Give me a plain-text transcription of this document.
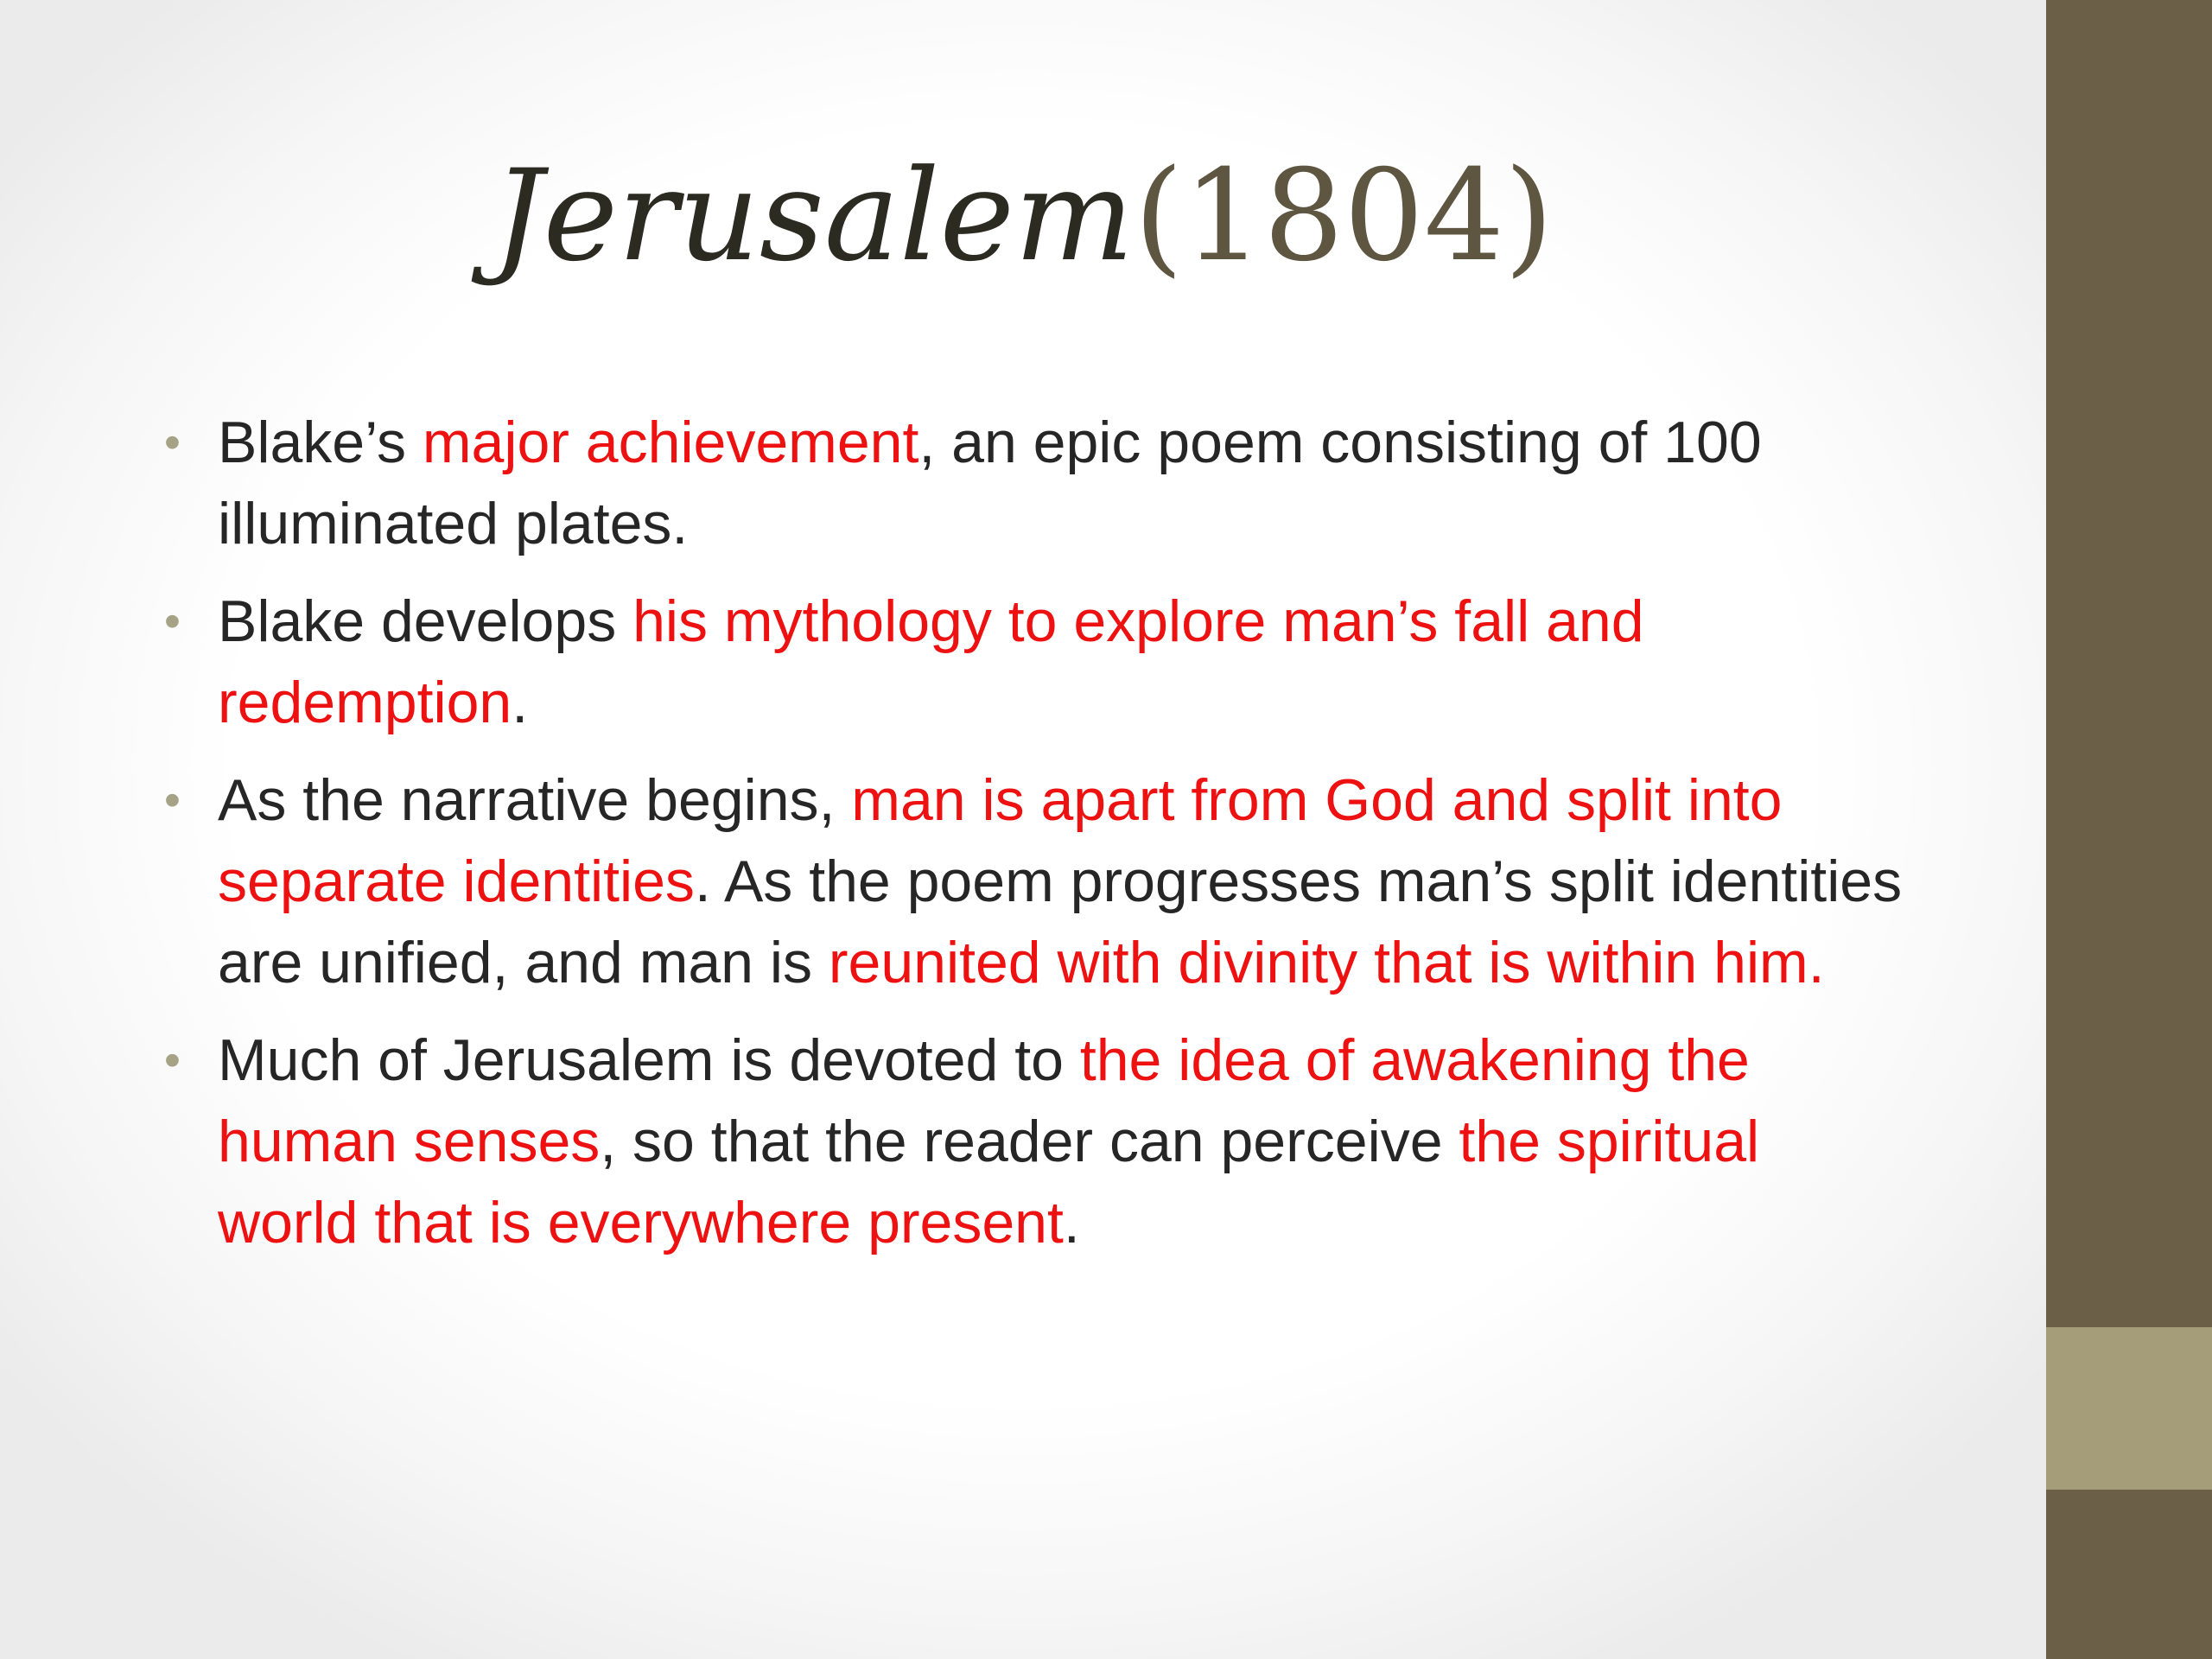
Jerusalem(1804)
• Blake’s major achievement, an epic poem consisting of 100 illuminated plates.
• Blake develops his mythology to explore man’s fall and redemption.
• As the narrative begins, man is apart from God and split into separate identities. As the poem progresses man’s split identities are unified, and man is reunited with divinity that is within him.
• Much of Jerusalem is devoted to the idea of awakening the human senses, so that the reader can perceive the spiritual world that is everywhere present.
